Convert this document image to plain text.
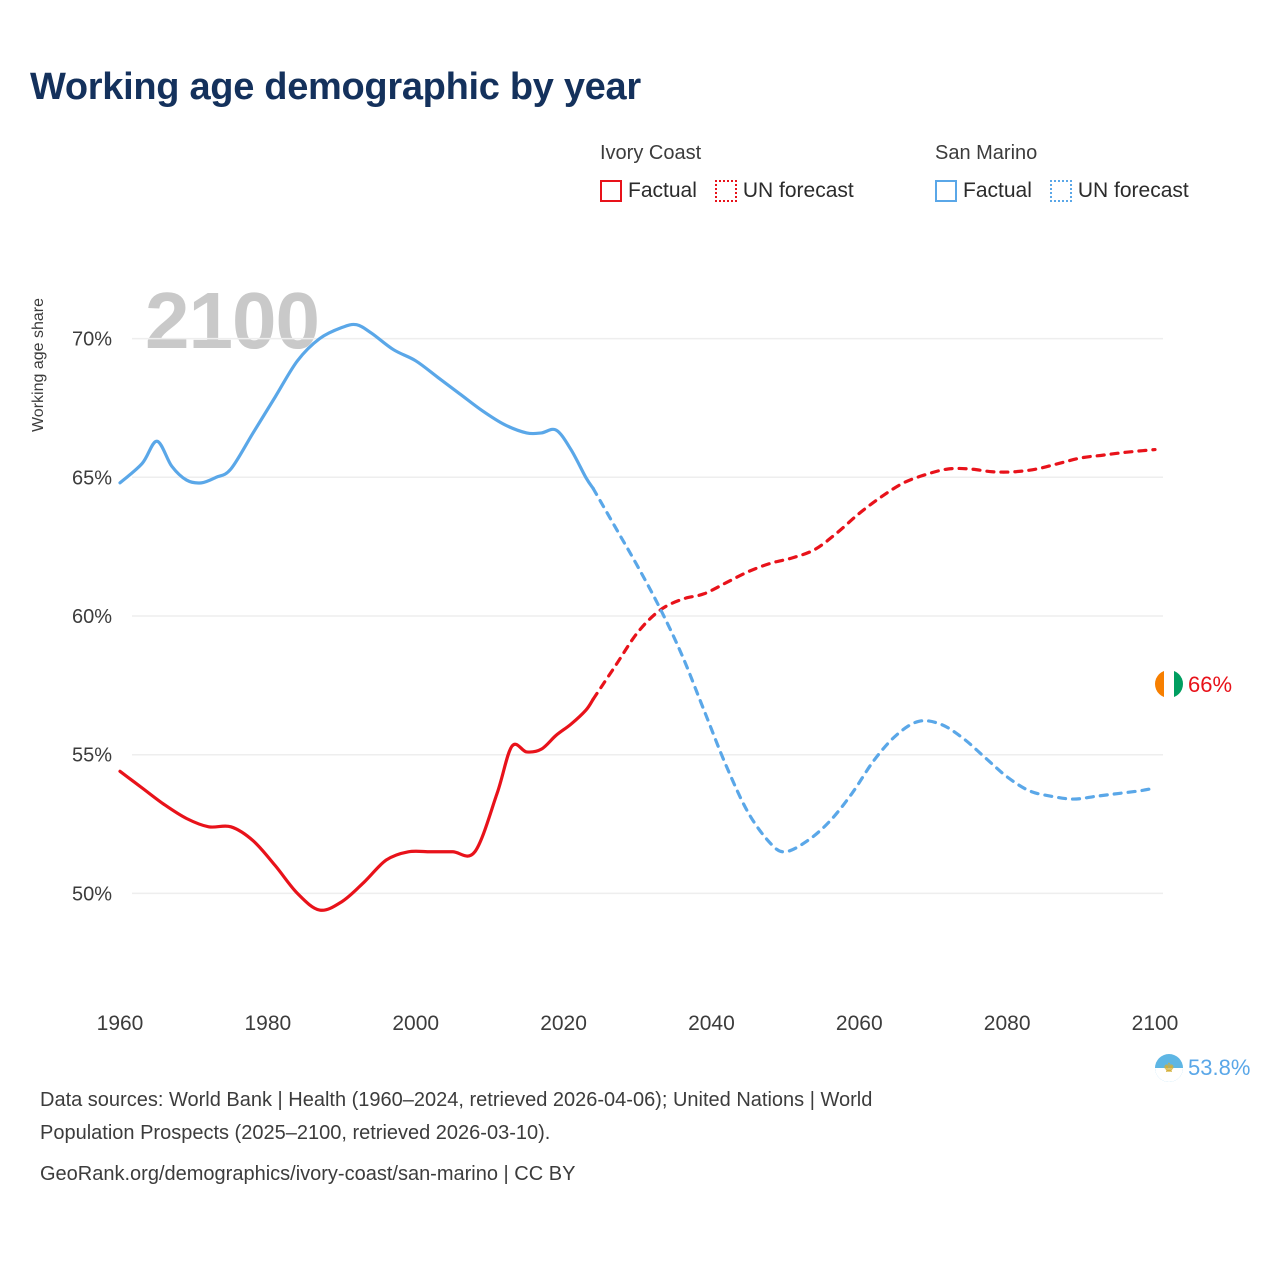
Working age demographic by year
Ivory Coast
Factual UN forecast
San Marino
Factual UN forecast
Working age share 2100
50%
55%
60%
65%
70%
1960	1980	2000	2020	2040	2060	2080	2100
66%
♚ 53.8%
Data sources: World Bank | Health (1960–2024, retrieved 2026-04-06); United Nations | World
Population Prospects (2025–2100, retrieved 2026-03-10).
GeoRank.org/demographics/ivory-coast/san-marino | CC BY
